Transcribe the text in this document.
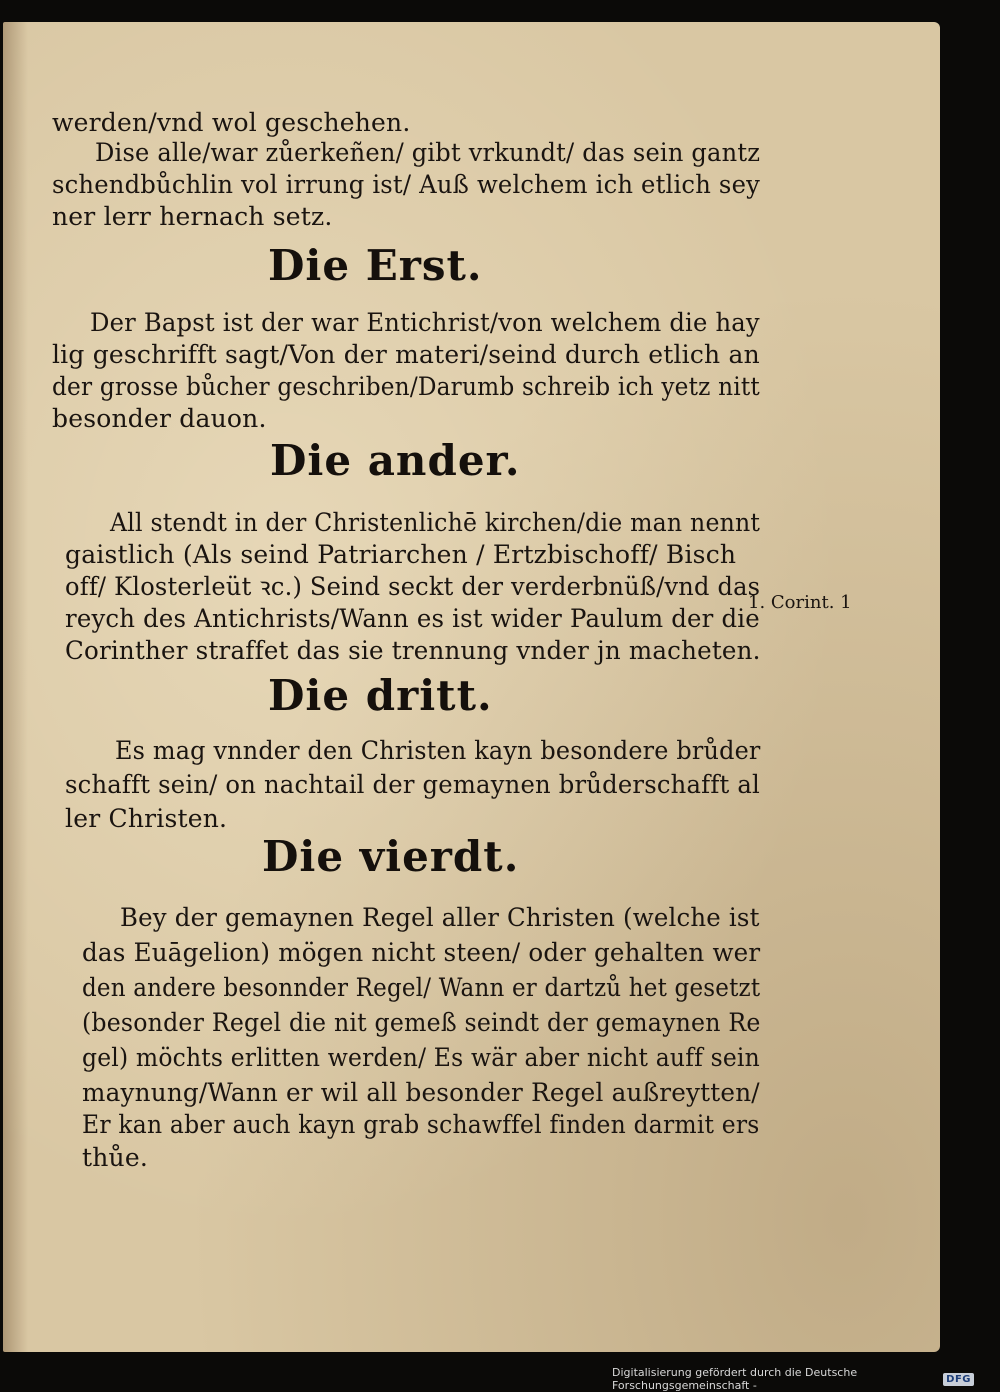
werden/vnd wol geschehen.
Dise alle/war zůerkeñen/ gibt vrkundt/ das sein gantz
schendbůchlin vol irrung ist/ Auß welchem ich etlich sey
ner lerr hernach setz.
Die Erst.
Der Bapst ist der war Entichrist/von welchem die hay
lig geschrifft sagt/Von der materi/seind durch etlich an
der grosse bůcher geschriben/Darumb schreib ich yetz nitt
besonder dauon.
Die ander.
All stendt in der Christenlichē kirchen/die man nennt
gaistlich (Als seind Patriarchen / Ertzbischoff/ Bisch
off/ Klosterleüt ꝛc.) Seind seckt der verderbnüß/vnd das
reych des Antichrists/Wann es ist wider Paulum der die
Corinther straffet das sie trennung vnder jn macheten.
1. Corint. 1
Die dritt.
Es mag vnnder den Christen kayn besondere brůder
schafft sein/ on nachtail der gemaynen brůderschafft al
ler Christen.
Die vierdt.
Bey der gemaynen Regel aller Christen (welche ist
das Euāgelion) mögen nicht steen/ oder gehalten wer
den andere besonnder Regel/ Wann er dartzů het gesetzt
(besonder Regel die nit gemeß seindt der gemaynen Re
gel) möchts erlitten werden/ Es wär aber nicht auff sein
maynung/Wann er wil all besonder Regel außreytten/
Er kan aber auch kayn grab schawffel finden darmit ers
thůe.
Digitalisierung gefördert durch die Deutsche Forschungsgemeinschaft -	DFG
